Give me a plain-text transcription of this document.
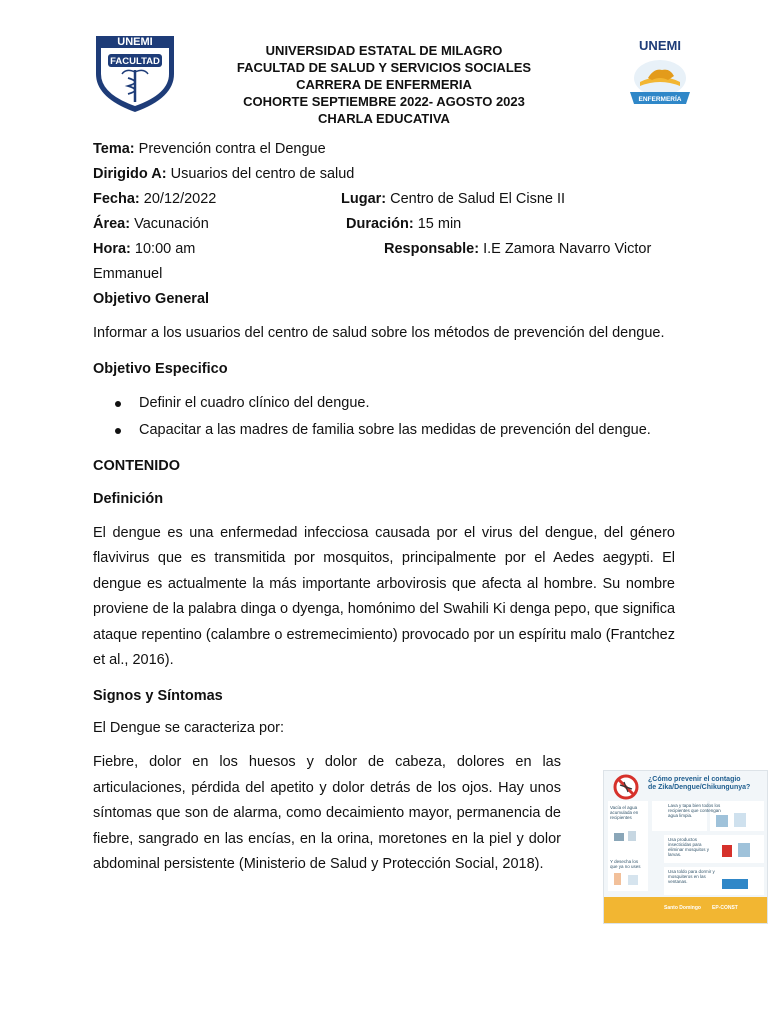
UNEMI
FACULTAD
UNIVERSIDAD ESTATAL DE MILAGRO
FACULTAD DE SALUD Y SERVICIOS SOCIALES
CARRERA DE ENFERMERIA
COHORTE SEPTIEMBRE 2022- AGOSTO 2023
CHARLA EDUCATIVA
UNEMI
ENFERMERÍA
Tema: Prevención contra el Dengue
Dirigido A: Usuarios del centro de salud
Fecha: 20/12/2022	Lugar: Centro de Salud El Cisne II
Área: Vacunación	Duración: 15 min
Hora: 10:00 am	Responsable: I.E Zamora Navarro Victor
Emmanuel
Objetivo General

Informar a los usuarios del centro de salud sobre los métodos de prevención del dengue.

Objetivo Especifico
Definir el cuadro clínico del dengue.
Capacitar a las madres de familia sobre las medidas de prevención del dengue.
CONTENIDO
Definición

El dengue es una enfermedad infecciosa causada por el virus del dengue, del género flavivirus que es transmitida por mosquitos, principalmente por el Aedes aegypti. El dengue es actualmente la más importante arbovirosis que afecta al hombre. Su nombre proviene de la palabra dinga o dyenga, homónimo del Swahili Ki denga pepo, que significa ataque repentino (calambre o estremecimiento) provocado por un espíritu malo (Frantchez et al., 2016).

Signos y Síntomas

El Dengue se caracteriza por:

Fiebre, dolor en los huesos y dolor de cabeza, dolores en las articulaciones, pérdida del apetito y dolor detrás de los ojos. Hay unos síntomas que son de alarma, como decaimiento mayor, permanencia de fiebre, sangrado en las encías, en la orina, moretones en la piel y dolor abdominal persistente (Ministerio de Salud y Protección Social, 2018).

¿Cómo prevenir el contagio
de Zika/Dengue/Chikungunya?
Vacía el agua acumulada en recipientes
Lava y tapa bien todos los recipientes que contengan agua limpia.
Usa productos insecticidas para eliminar mosquitos y larvas.
Y desecha los que ya no uses
Usa toldo para dormir y mosquiteros en las ventanas.
Santo Domingo EP-CONST
